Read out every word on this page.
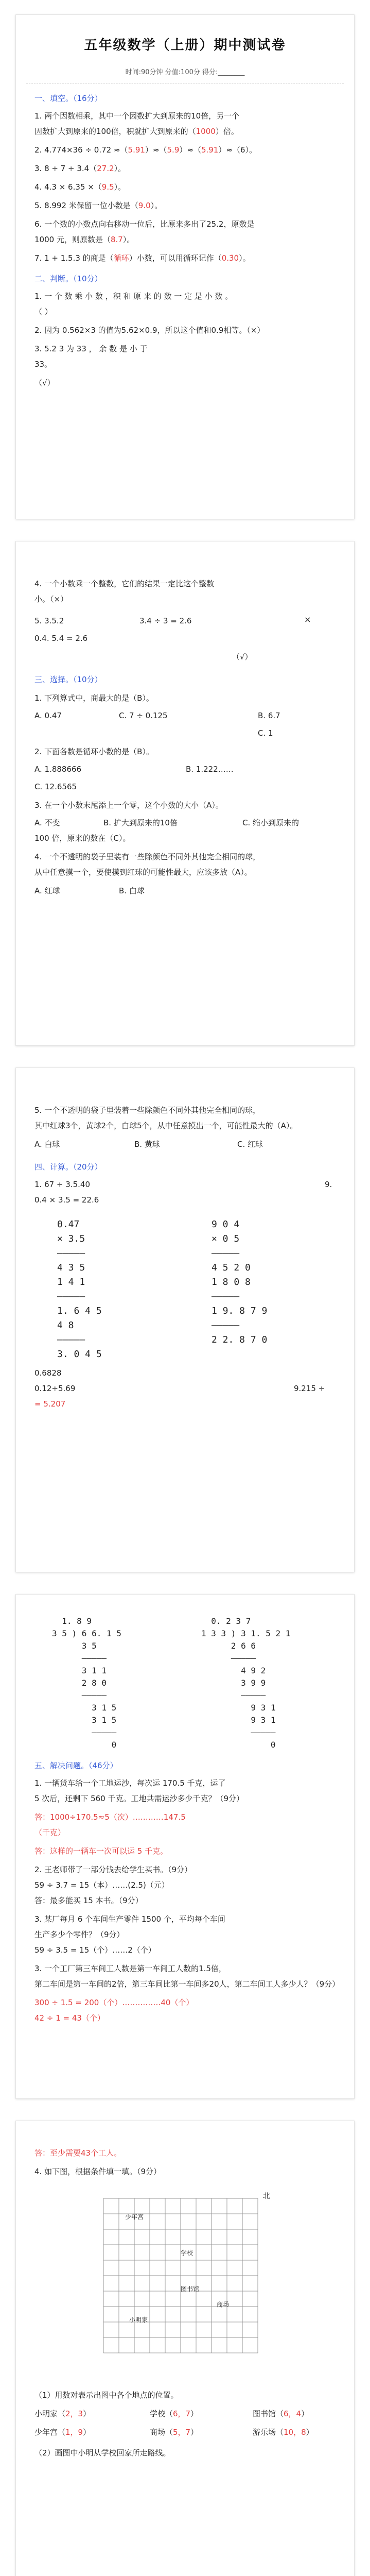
五年级数学（上册）期中测试卷
时间:90分钟 分值:100分 得分:________
一、填空。（16分）
1. 两个因数相乘，其中一个因数扩大到原来的10倍，另一个
因数扩大到原来的100倍，积就扩大到原来的（1000）倍。
2. 4.774×36 ÷ 0.72 ≈（5.91）≈（5.9）≈（5.91）≈（6）。
3. 8 ÷ 7 ÷ 3.4（27.2）。
4. 4.3 × 6.35 ×（9.5）。
5. 8.992 米保留一位小数是（9.0）。
6. 一个数的小数点向右移动一位后，比原来多出了25.2，原数是
1000 元，则原数是（8.7）。
7. 1 + 1.5.3 的商是（循环）小数，可以用循环记作（0.3̇0̇）。
二、判断。（10分）
1. 一 个 数 乘 小 数 ，积 和 原 来 的 数 一 定 是 小 数 。
（ ）
2. 因为 0.562×3 的值为5.62×0.9，所以这个值和0.9相等。（×）
3. 5.2 3 为 33 ， 余 数 是 小 于
33。
（√）
4. 一个小数乘一个整数，它们的结果一定比这个整数
小。（×）
5. 3.5.2	3.4 ÷ 3 = 2.6	×
0.4. 5.4 = 2.6
（√）
三、选择。（10分）
1. 下列算式中，商最大的是（B）。
A. 0.47	B. 6.7
C. 7 ÷ 0.125
C. 1
2. 下面各数是循环小数的是（B）。
A. 1.888666	B. 1.222……
C. 12.6565
3. 在一个小数末尾添上一个零，这个小数的大小（A）。
A. 不变	B. 扩大到原来的10倍	C. 缩小到原来的
100 倍，原来的数在（C）。
4. 一个不透明的袋子里装有一些除颜色不同外其他完全相同的球，
从中任意摸一个，要使摸到红球的可能性最大，应该多放（A）。
A. 红球	B. 白球
5. 一个不透明的袋子里装着一些除颜色不同外其他完全相同的球，
其中红球3个，黄球2个，白球5个，从中任意摸出一个，可能性最大的（A）。
A. 白球	B. 黄球	C. 红球
四、计算。（20分）
1. 67 ÷ 3.5.40	9.
0.4 × 3.5 = 22.6
0.47
× 3.5
—————
4 3 5
1 4 1
—————
1. 6 4 5
4 8
—————
3. 0 4 5
9 0 4
× 0 5
—————
4 5 2 0
1 8 0 8
—————
1 9. 8 7 9
—————
2 2. 8 7 0
0.6828
9.215 ÷
0.12÷5.69
= 5.207
1. 8 9
3 5 ) 6 6. 1 5
3 5
—————
3 1 1
2 8 0
—————
3 1 5
3 1 5
—————
0
0. 2 3 7
1 3 3 ) 3 1. 5 2 1
2 6 6
—————
4 9 2
3 9 9
—————
9 3 1
9 3 1
—————
0
五、解决问题。（46分）
1. 一辆货车给一个工地运沙，每次运 170.5 千克，运了
5 次后，还剩下 560 千克。工地共需运沙多少千克？（9分）
答：1000÷170.5≈5（次）…………147.5
（千克）
答：这样的一辆车一次可以运 5 千克。
2. 王老师带了一部分钱去给学生买书。（9分）
59 ÷ 3.7 = 15（本）……(2.5)（元）
答：最多能买 15 本书。（9分）
3. 某厂每月 6 个车间生产零件 1500 个，平均每个车间
生产多少个零件？（9分）
59 ÷ 3.5 = 15（个）……2（个）
3. 一个工厂第三车间工人数是第一车间工人数的1.5倍，
第二车间是第一车间的2倍，第三车间比第一车间多20人，第二车间工人多少人？（9分）
300 ÷ 1.5 = 200（个）……………40（个）
42 ÷ 1 = 43（个）
答：至少需要43个工人。
4. 如下图，根据条件填一填。（9分）
北
少年宫
图书馆
小明家
学校
商场
（1）用数对表示出图中各个地点的位置。
小明家（2，3）	学校（6，7）	图书馆（6，4）
少年宫（1，9）	商场（5，7）	游乐场（10，8）
（2）画图中小明从学校回家所走路线。
